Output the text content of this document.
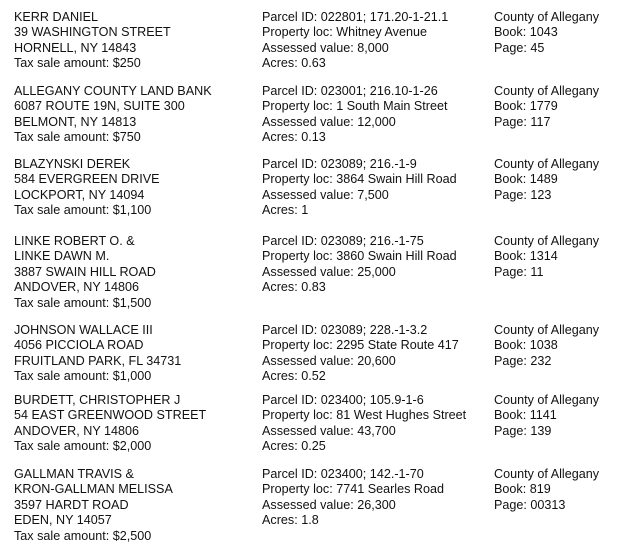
KERR DANIEL
39 WASHINGTON STREET
HORNELL, NY 14843
Tax sale amount: $250
Parcel ID: 022801; 171.20-1-21.1
Property loc: Whitney Avenue
Assessed value: 8,000
Acres: 0.63
County of Allegany
Book: 1043
Page: 45
ALLEGANY COUNTY LAND BANK
6087 ROUTE 19N, SUITE 300
BELMONT, NY 14813
Tax sale amount: $750
Parcel ID: 023001; 216.10-1-26
Property loc: 1 South Main Street
Assessed value: 12,000
Acres: 0.13
County of Allegany
Book: 1779
Page: 117
BLAZYNSKI DEREK
584 EVERGREEN DRIVE
LOCKPORT, NY 14094
Tax sale amount: $1,100
Parcel ID: 023089; 216.-1-9
Property loc: 3864 Swain Hill Road
Assessed value: 7,500
Acres: 1
County of Allegany
Book: 1489
Page: 123
LINKE ROBERT O. &
LINKE DAWN M.
3887 SWAIN HILL ROAD
ANDOVER, NY 14806
Tax sale amount: $1,500
Parcel ID: 023089; 216.-1-75
Property loc: 3860 Swain Hill Road
Assessed value: 25,000
Acres: 0.83
County of Allegany
Book: 1314
Page: 11
JOHNSON WALLACE III
4056 PICCIOLA ROAD
FRUITLAND PARK, FL 34731
Tax sale amount: $1,000
Parcel ID: 023089; 228.-1-3.2
Property loc: 2295 State Route 417
Assessed value: 20,600
Acres: 0.52
County of Allegany
Book: 1038
Page: 232
BURDETT, CHRISTOPHER J
54 EAST GREENWOOD STREET
ANDOVER, NY 14806
Tax sale amount: $2,000
Parcel ID: 023400; 105.9-1-6
Property loc: 81 West Hughes Street
Assessed value: 43,700
Acres: 0.25
County of Allegany
Book: 1141
Page: 139
GALLMAN TRAVIS &
KRON-GALLMAN MELISSA
3597 HARDT ROAD
EDEN, NY 14057
Tax sale amount: $2,500
Parcel ID: 023400; 142.-1-70
Property loc: 7741 Searles Road
Assessed value: 26,300
Acres: 1.8
County of Allegany
Book: 819
Page: 00313
